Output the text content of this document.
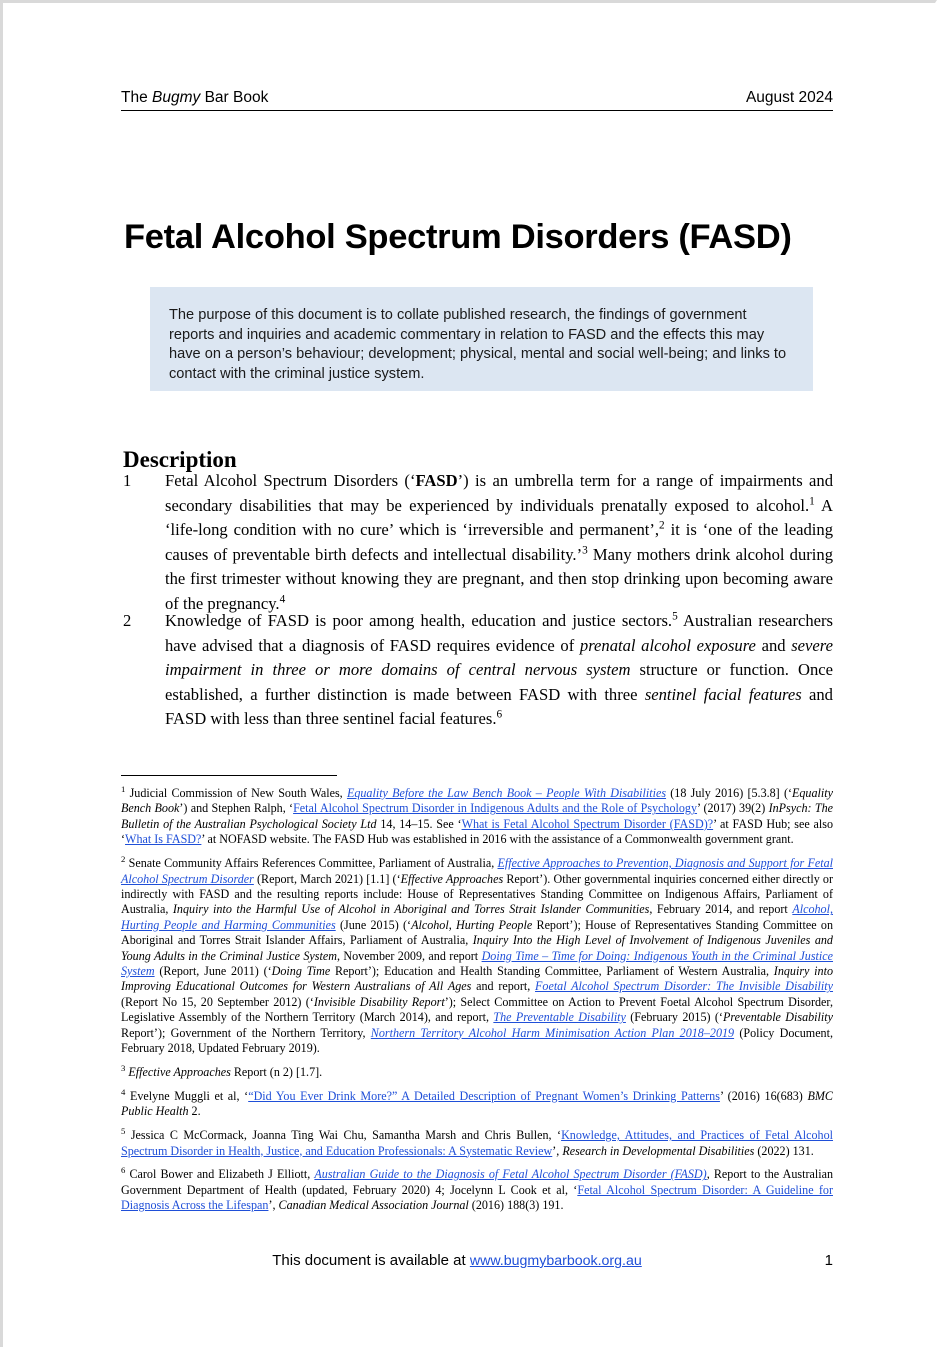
The Bugmy Bar Book	August 2024
Fetal Alcohol Spectrum Disorders (FASD)
The purpose of this document is to collate published research, the findings of government reports and inquiries and academic commentary in relation to FASD and the effects this may have on a person’s behaviour; development; physical, mental and social well-being; and links to contact with the criminal justice system.
Description
1	Fetal Alcohol Spectrum Disorders (‘FASD’) is an umbrella term for a range of impairments and secondary disabilities that may be experienced by individuals prenatally exposed to alcohol.$^1$ A ‘life-long condition with no cure’ which is ‘irreversible and permanent’,$^2$ it is ‘one of the leading causes of preventable birth defects and intellectual disability.’$^3$ Many mothers drink alcohol during the first trimester without knowing they are pregnant, and then stop drinking upon becoming aware of the pregnancy.$^4$
2	Knowledge of FASD is poor among health, education and justice sectors.$^5$ Australian researchers have advised that a diagnosis of FASD requires evidence of prenatal alcohol exposure and severe impairment in three or more domains of central nervous system structure or function. Once established, a further distinction is made between FASD with three sentinel facial features and FASD with less than three sentinel facial features.$^6$
$^1$ Judicial Commission of New South Wales, Equality Before the Law Bench Book – People With Disabilities (18 July 2016) [5.3.8] (‘Equality Bench Book’) and Stephen Ralph, ‘Fetal Alcohol Spectrum Disorder in Indigenous Adults and the Role of Psychology’ (2017) 39(2) InPsych: The Bulletin of the Australian Psychological Society Ltd 14, 14–15. See ‘What is Fetal Alcohol Spectrum Disorder (FASD)?’ at FASD Hub; see also ‘What Is FASD?’ at NOFASD website. The FASD Hub was established in 2016 with the assistance of a Commonwealth government grant.
$^2$ Senate Community Affairs References Committee, Parliament of Australia, Effective Approaches to Prevention, Diagnosis and Support for Fetal Alcohol Spectrum Disorder (Report, March 2021) [1.1] (‘Effective Approaches Report’). Other governmental inquiries concerned either directly or indirectly with FASD and the resulting reports include: House of Representatives Standing Committee on Indigenous Affairs, Parliament of Australia, Inquiry into the Harmful Use of Alcohol in Aboriginal and Torres Strait Islander Communities, February 2014, and report Alcohol, Hurting People and Harming Communities (June 2015) (‘Alcohol, Hurting People Report’); House of Representatives Standing Committee on Aboriginal and Torres Strait Islander Affairs, Parliament of Australia, Inquiry Into the High Level of Involvement of Indigenous Juveniles and Young Adults in the Criminal Justice System, November 2009, and report Doing Time – Time for Doing: Indigenous Youth in the Criminal Justice System (Report, June 2011) (‘Doing Time Report’); Education and Health Standing Committee, Parliament of Western Australia, Inquiry into Improving Educational Outcomes for Western Australians of All Ages and report, Foetal Alcohol Spectrum Disorder: The Invisible Disability (Report No 15, 20 September 2012) (‘Invisible Disability Report’); Select Committee on Action to Prevent Foetal Alcohol Spectrum Disorder, Legislative Assembly of the Northern Territory (March 2014), and report, The Preventable Disability (February 2015) (‘Preventable Disability Report’); Government of the Northern Territory, Northern Territory Alcohol Harm Minimisation Action Plan 2018–2019 (Policy Document, February 2018, Updated February 2019).
$^3$ Effective Approaches Report (n 2) [1.7].
$^4$ Evelyne Muggli et al, ‘“Did You Ever Drink More?” A Detailed Description of Pregnant Women’s Drinking Patterns’ (2016) 16(683) BMC Public Health 2.
$^5$ Jessica C McCormack, Joanna Ting Wai Chu, Samantha Marsh and Chris Bullen, ‘Knowledge, Attitudes, and Practices of Fetal Alcohol Spectrum Disorder in Health, Justice, and Education Professionals: A Systematic Review’, Research in Developmental Disabilities (2022) 131.
$^6$ Carol Bower and Elizabeth J Elliott, Australian Guide to the Diagnosis of Fetal Alcohol Spectrum Disorder (FASD), Report to the Australian Government Department of Health (updated, February 2020) 4; Jocelynn L Cook et al, ‘Fetal Alcohol Spectrum Disorder: A Guideline for Diagnosis Across the Lifespan’, Canadian Medical Association Journal (2016) 188(3) 191.
This document is available at www.bugmybarbook.org.au	1
